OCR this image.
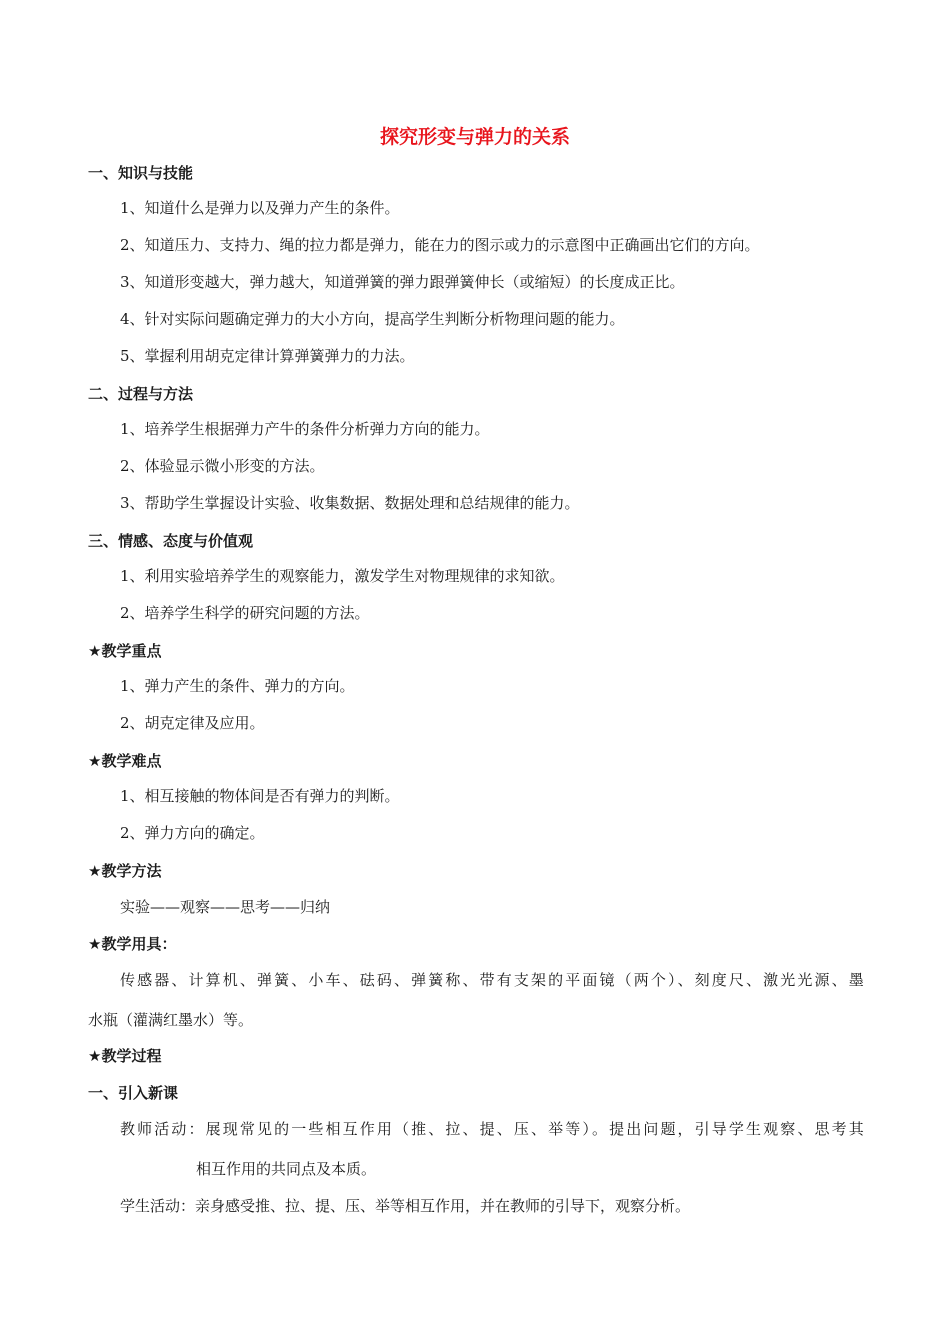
探究形变与弹力的关系
一、知识与技能
1、知道什么是弹力以及弹力产生的条件。
2、知道压力、支持力、绳的拉力都是弹力，能在力的图示或力的示意图中正确画出它们的方向。
3、知道形变越大，弹力越大，知道弹簧的弹力跟弹簧伸长（或缩短）的长度成正比。
4、针对实际问题确定弹力的大小方向，提高学生判断分析物理问题的能力。
5、掌握利用胡克定律计算弹簧弹力的力法。
二、过程与方法
1、培养学生根据弹力产牛的条件分析弹力方向的能力。
2、体验显示微小形变的方法。
3、帮助学生掌握设计实验、收集数据、数据处理和总结规律的能力。
三、情感、态度与价值观
1、利用实验培养学生的观察能力，激发学生对物理规律的求知欲。
2、培养学生科学的研究问题的方法。
★教学重点
1、弹力产生的条件、弹力的方向。
2、胡克定律及应用。
★教学难点
1、相互接触的物体间是否有弹力的判断。
2、弹力方向的确定。
★教学方法
实验——观察——思考——归纳
★教学用具：
传感器、计算机、弹簧、小车、砝码、弹簧称、带有支架的平面镜（两个）、刻度尺、激光光源、墨
水瓶（灌满红墨水）等。
★教学过程
一、引入新课
教师活动：展现常见的一些相互作用（推、拉、提、压、举等）。提出问题，引导学生观察、思考其
相互作用的共同点及本质。
学生活动：亲身感受推、拉、提、压、举等相互作用，并在教师的引导下，观察分析。
